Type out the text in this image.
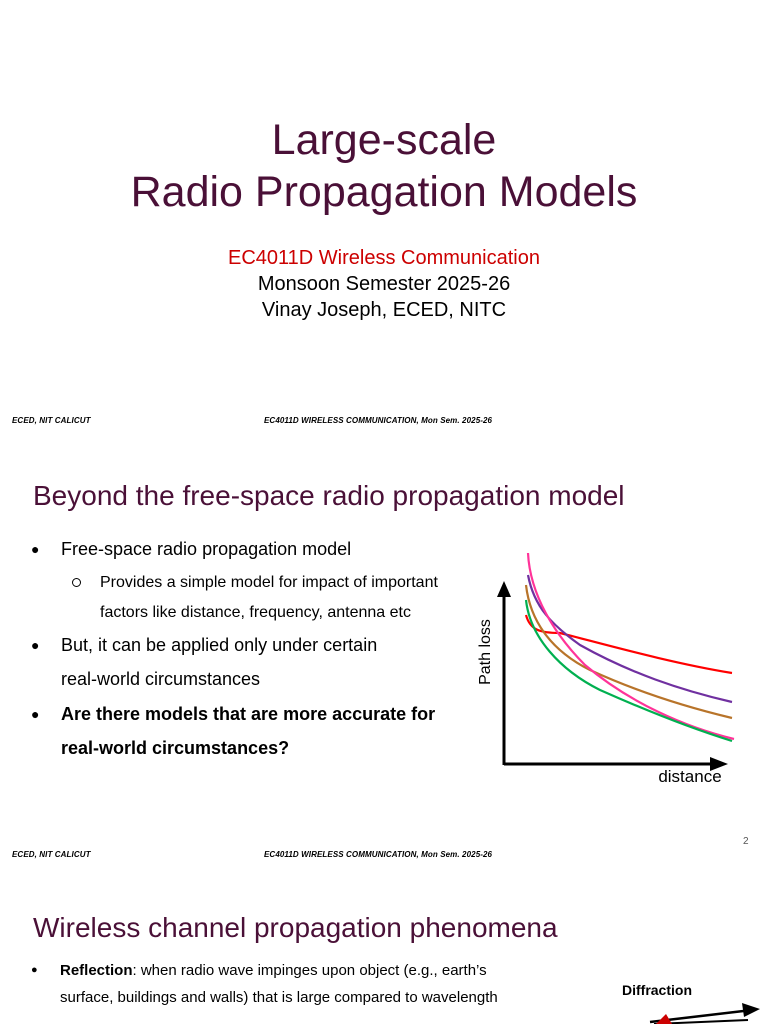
Large-scale
Radio Propagation Models
EC4011D Wireless Communication
Monsoon Semester 2025-26
Vinay Joseph, ECED, NITC
ECED, NIT CALICUT	EC4011D WIRELESS COMMUNICATION, Mon Sem. 2025-26
Beyond the free-space radio propagation model
● Free-space radio propagation model
Provides a simple model for impact of important
factors like distance, frequency, antenna etc
● But, it can be applied only under certain
real-world circumstances
● Are there models that are more accurate for
real-world circumstances?
Path loss
distance
2
ECED, NIT CALICUT	EC4011D WIRELESS COMMUNICATION, Mon Sem. 2025-26
Wireless channel propagation phenomena
● Reflection: when radio wave impinges upon object (e.g., earth’s
surface, buildings and walls) that is large compared to wavelength	Diffraction
